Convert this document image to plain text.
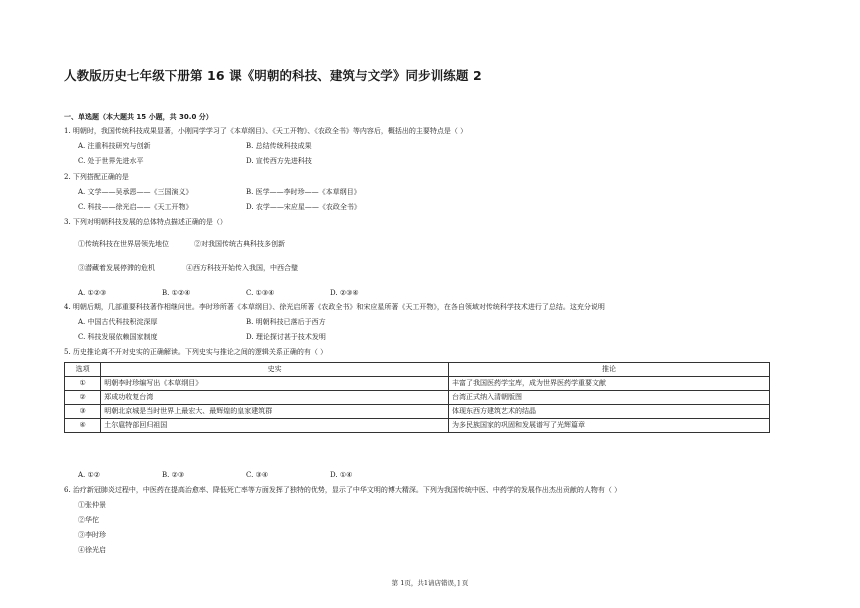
人教版历史七年级下册第 16 课《明朝的科技、建筑与文学》同步训练题 2
一、单选题（本大题共 15 小题，共 30.0 分）
1. 明朝时，我国传统科技成果显著，小刚同学学习了《本草纲目》、《天工开物》、《农政全书》等内容后，概括出的主要特点是（ ）
A. 注重科技研究与创新	B. 总结传统科技成果
C. 处于世界先进水平	D. 宣传西方先进科技
2. 下列搭配正确的是
A. 文学——吴承恩——《三国演义》	B. 医学——李时珍——《本草纲目》
C. 科技——徐光启——《天工开物》	D. 农学——宋应星——《农政全书》
3. 下列对明朝科技发展的总体特点描述正确的是（）
①传统科技在世界居领先地位	②对我国传统古典科技多创新
③潜藏着发展停滞的危机	④西方科技开始传入我国，中西合璧
A. ①②③	B. ①②④	C. ①③④	D. ②③④
4. 明朝后期，几部重要科技著作相继问世。李时珍所著《本草纲目》、徐光启所著《农政全书》和宋应星所著《天工开物》，在各自领域对传统科学技术进行了总结。这充分说明
A. 中国古代科技积淀深厚	B. 明朝科技已落后于西方
C. 科技发展依赖国家制度	D. 理论探讨甚于技术发明
5. 历史推论离不开对史实的正确解读。下列史实与推论之间的逻辑关系正确的有（ ）
选项	史实	推论
①	明朝李时珍编写出《本草纲目》	丰富了我国医药学宝库，成为世界医药学重要文献
②	郑成功收复台湾	台湾正式纳入清朝版图
③	明朝北京城是当时世界上最宏大、最辉煌的皇家建筑群	体现东西方建筑艺术的结晶
④	土尔扈特部回归祖国	为多民族国家的巩固和发展谱写了光辉篇章
A. ①②	B. ②③	C. ③④	D. ①④
6. 治疗新冠肺炎过程中，中医药在提高治愈率、降低死亡率等方面发挥了独特的优势，显示了中华文明的博大精深。下列为我国传统中医、中药学的发展作出杰出贡献的人物有（ ）
①张仲景
②华佗
③李时珍
④徐光启
第 1页，共1请店错误，] 页
